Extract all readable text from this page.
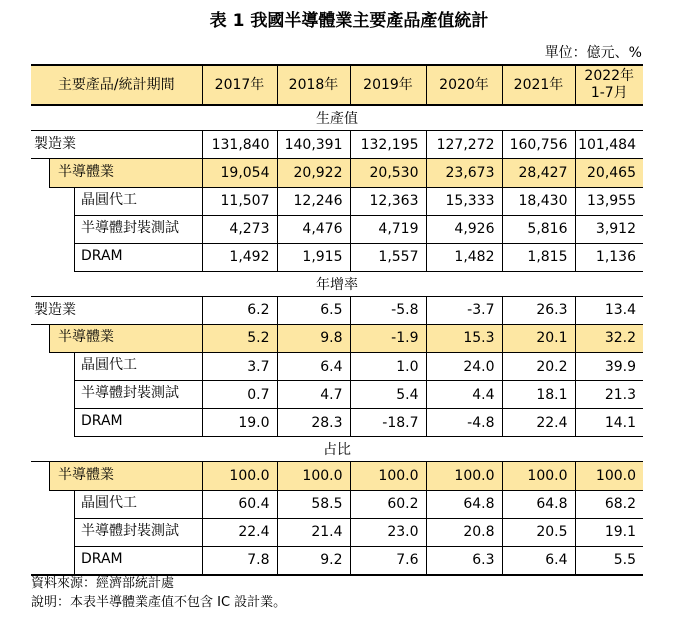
表 1 我國半導體業主要產品產值統計
單位：億元、%
主要產品/統計期間	2017年	2018年	2019年	2020年	2021年	2022年
1-7月
生產值						

製造業	131,840	140,391	132,195	127,272	160,756	101,484

半導體業	19,054	20,922	20,530	23,673	28,427	20,465

晶圓代工	11,507	12,246	12,363	15,333	18,430	13,955

半導體封裝測試	4,273	4,476	4,719	4,926	5,816	3,912

DRAM	1,492	1,915	1,557	1,482	1,815	1,136
年增率						

製造業	6.2	6.5	-5.8	-3.7	26.3	13.4

半導體業	5.2	9.8	-1.9	15.3	20.1	32.2

晶圓代工	3.7	6.4	1.0	24.0	20.2	39.9

半導體封裝測試	0.7	4.7	5.4	4.4	18.1	21.3

DRAM	19.0	28.3	-18.7	-4.8	22.4	14.1
占比						

半導體業	100.0	100.0	100.0	100.0	100.0	100.0

晶圓代工	60.4	58.5	60.2	64.8	64.8	68.2

半導體封裝測試	22.4	21.4	23.0	20.8	20.5	19.1

DRAM	7.8	9.2	7.6	6.3	6.4	5.5
資料來源：經濟部統計處
說明：本表半導體業產值不包含 IC 設計業。
